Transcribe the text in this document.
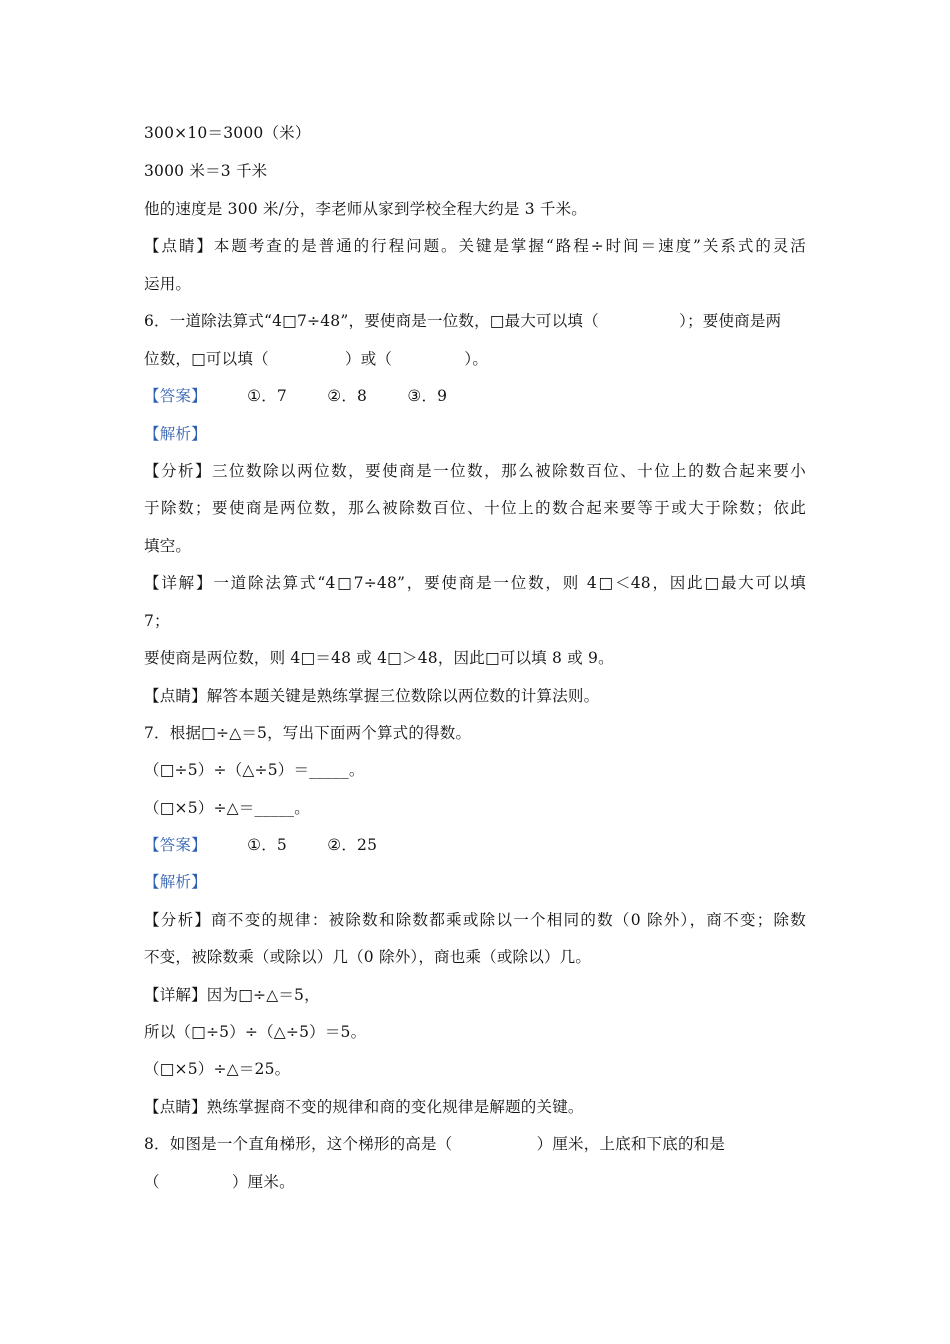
300×10＝3000（米）
3000 米＝3 千米
他的速度是 300 米/分，李老师从家到学校全程大约是 3 千米。
【点睛】本题考查的是普通的行程问题。关键是掌握“路程÷时间＝速度”关系式的灵活
运用。
6．一道除法算式“4□7÷48”，要使商是一位数，□最大可以填（	）；要使商是两
位数，□可以填（	）或（	）。
【答案】	①．7	②．8	③．9
【解析】
【分析】三位数除以两位数，要使商是一位数，那么被除数百位、十位上的数合起来要小
于除数；要使商是两位数，那么被除数百位、十位上的数合起来要等于或大于除数；依此
填空。
【详解】一道除法算式“4□7÷48”，要使商是一位数，则 4□＜48，因此□最大可以填
7；
要使商是两位数，则 4□＝48 或 4□＞48，因此□可以填 8 或 9。
【点睛】解答本题关键是熟练掌握三位数除以两位数的计算法则。
7．根据□÷△＝5，写出下面两个算式的得数。
（□÷5）÷（△÷5）＝_____。
（□×5）÷△＝_____。
【答案】	①．5	②．25
【解析】
【分析】商不变的规律：被除数和除数都乘或除以一个相同的数（0 除外），商不变；除数
不变，被除数乘（或除以）几（0 除外），商也乘（或除以）几。
【详解】因为□÷△＝5，
所以（□÷5）÷（△÷5）＝5。
（□×5）÷△＝25。
【点睛】熟练掌握商不变的规律和商的变化规律是解题的关键。
8．如图是一个直角梯形，这个梯形的高是（	）厘米，上底和下底的和是
（	）厘米。
